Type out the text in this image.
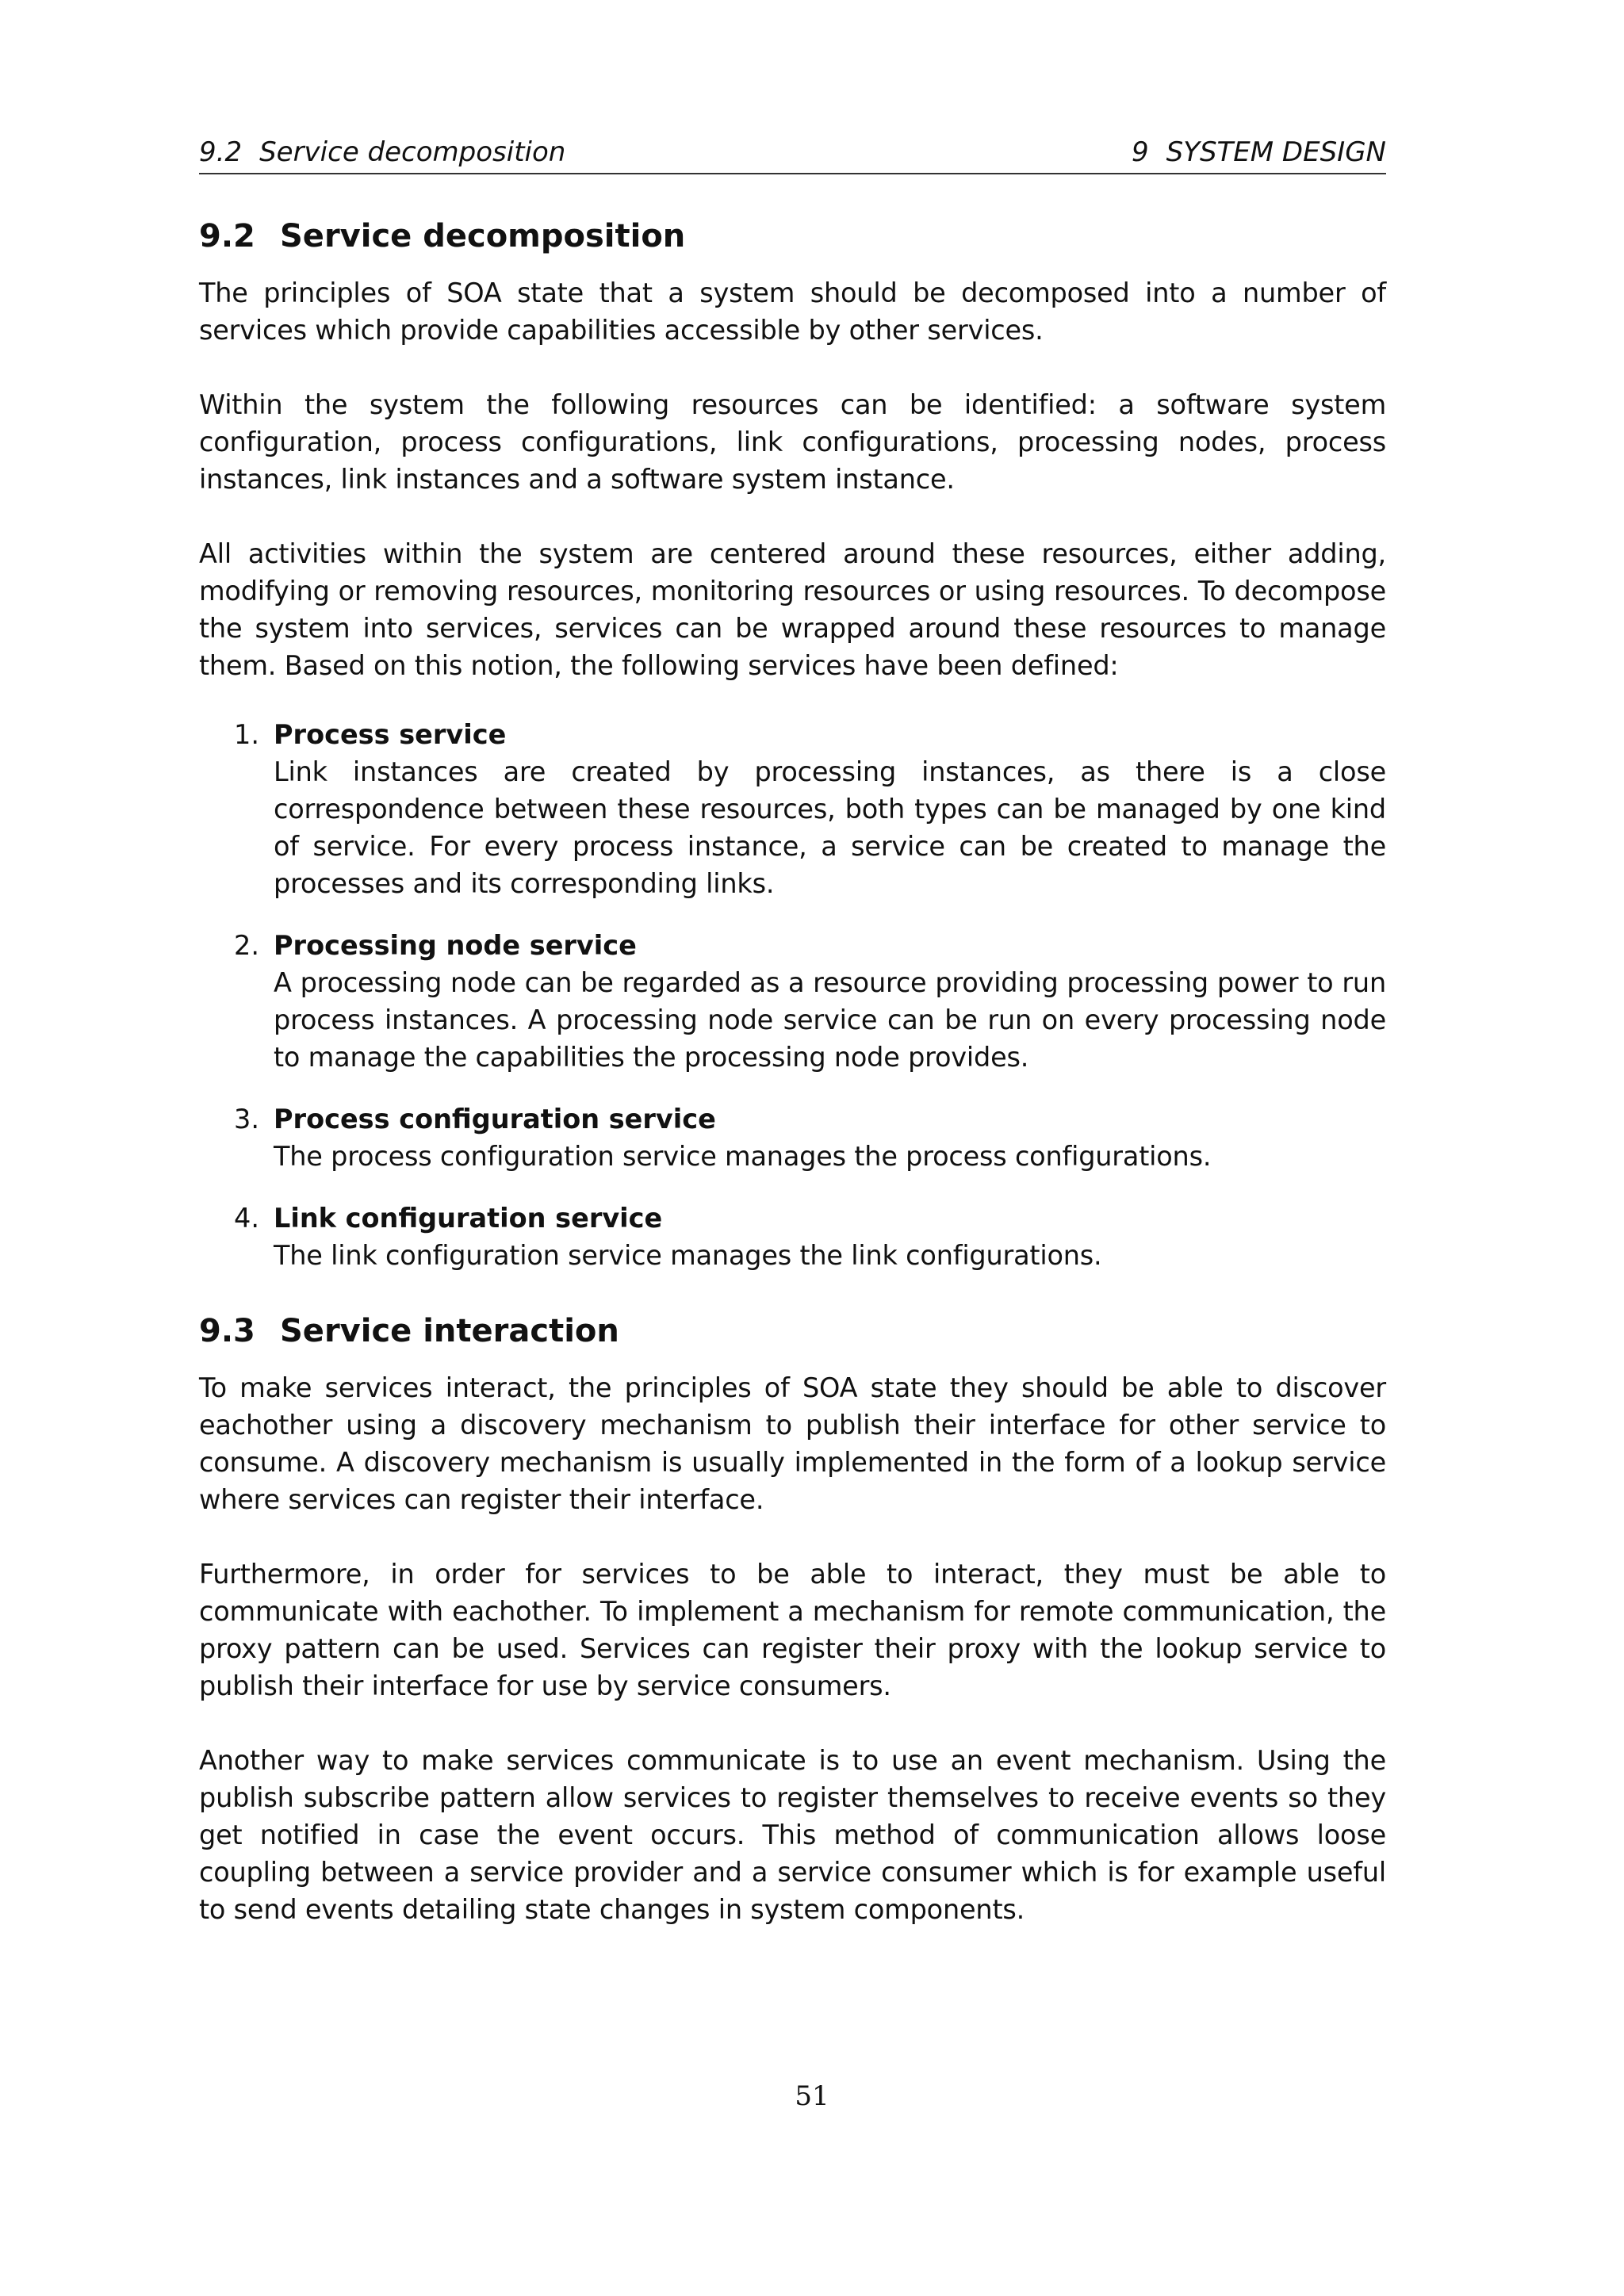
9.2 Service decomposition	9 SYSTEM DESIGN
9.2 Service decomposition

The principles of SOA state that a system should be decomposed into a number of services which provide capabilities accessible by other services.

Within the system the following resources can be identified: a software system configuration, process configurations, link configurations, processing nodes, process instances, link instances and a software system instance.

All activities within the system are centered around these resources, either adding, modifying or removing resources, monitoring resources or using resources. To decompose the system into services, services can be wrapped around these resources to manage them. Based on this notion, the following services have been defined:

1. Process service
Link instances are created by processing instances, as there is a close correspondence between these resources, both types can be managed by one kind of service. For every process instance, a service can be created to manage the processes and its corresponding links.
2. Processing node service
A processing node can be regarded as a resource providing processing power to run process instances. A processing node service can be run on every processing node to manage the capabilities the processing node provides.
3. Process configuration service
The process configuration service manages the process configurations.
4. Link configuration service
The link configuration service manages the link configurations.
9.3 Service interaction

To make services interact, the principles of SOA state they should be able to discover eachother using a discovery mechanism to publish their interface for other service to consume. A discovery mechanism is usually implemented in the form of a lookup service where services can register their interface.

Furthermore, in order for services to be able to interact, they must be able to communicate with eachother. To implement a mechanism for remote communication, the proxy pattern can be used. Services can register their proxy with the lookup service to publish their interface for use by service consumers.

Another way to make services communicate is to use an event mechanism. Using the publish subscribe pattern allow services to register themselves to receive events so they get notified in case the event occurs. This method of communication allows loose coupling between a service provider and a service consumer which is for example useful to send events detailing state changes in system components.

51
